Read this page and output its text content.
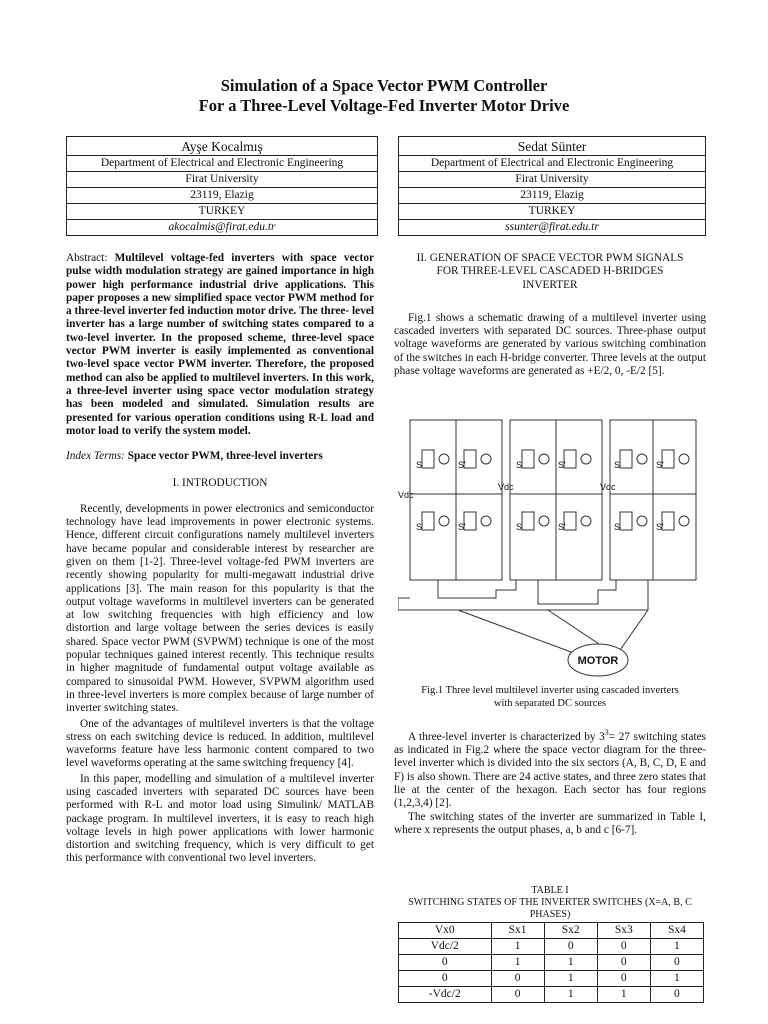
Simulation of a Space Vector PWM Controller
For a Three-Level Voltage-Fed Inverter Motor Drive
Ayşe Kocalmış
Department of Electrical and Electronic Engineering
Firat University
23119, Elazig
TURKEY
akocalmis@firat.edu.tr
Sedat Sünter
Department of Electrical and Electronic Engineering
Firat University
23119, Elazig
TURKEY
ssunter@firat.edu.tr

Abstract: Multilevel voltage-fed inverters with space vector pulse width modulation strategy are gained importance in high power high performance industrial drive applications. This paper proposes a new simplified space vector PWM method for a three-level inverter fed induction motor drive. The three- level inverter has a large number of switching states compared to a two-level inverter. In the proposed scheme, three-level space vector PWM inverter is easily implemented as conventional two-level space vector PWM inverter. Therefore, the proposed method can also be applied to multilevel inverters. In this work, a three-level inverter using space vector modulation strategy has been modeled and simulated. Simulation results are presented for various operation conditions using R-L load and motor load to verify the system model.

Index Terms: Space vector PWM, three-level inverters

I. INTRODUCTION

Recently, developments in power electronics and semiconductor technology have lead improvements in power electronic systems. Hence, different circuit configurations namely multilevel inverters have became popular and considerable interest by researcher are given on them [1-2]. Three-level voltage-fed PWM inverters are recently showing popularity for multi-megawatt industrial drive applications [3]. The main reason for this popularity is that the output voltage waveforms in multilevel inverters can be generated at low switching frequencies with high efficiency and low distortion and large voltage between the series devices is easily shared. Space vector PWM (SVPWM) technique is one of the most popular techniques gained interest recently. This technique results in higher magnitude of fundamental output voltage available as compared to sinusoidal PWM. However, SVPWM algorithm used in three-level inverters is more complex because of large number of inverter switching states.

One of the advantages of multilevel inverters is that the voltage stress on each switching device is reduced. In addition, multilevel waveforms feature have less harmonic content compared to two level waveforms operating at the same switching frequency [4].

In this paper, modelling and simulation of a multilevel inverter using cascaded inverters with separated DC sources have been performed with R-L and motor load using Simulink/ MATLAB package program. In multilevel inverters, it is easy to reach high voltage levels in high power applications with lower harmonic distortion and switching frequency, which is very difficult to get this performance with conventional two level inverters.

II. GENERATION OF SPACE VECTOR PWM SIGNALS
FOR THREE-LEVEL CASCADED H-BRIDGES
INVERTER

Fig.1 shows a schematic drawing of a multilevel inverter using cascaded inverters with separated DC sources. Three-phase output voltage waveforms are generated by various switching combination of the switches in each H-bridge converter. Three levels at the output phase voltage waveforms are generated as +E/2, 0, -E/2 [5].

S	S'
S	S'
S	S'
S	S'
S	S'
S	S'
Vdc
Vdc	Vdc
MOTOR
Fig.1 Three level multilevel inverter using cascaded inverters
with separated DC sources

A three-level inverter is characterized by $3^3= 27$ switching states as indicated in Fig.2 where the space vector diagram for the three-level inverter which is divided into the six sectors (A, B, C, D, E and F) is also shown. There are 24 active states, and three zero states that lie at the center of the hexagon. Each sector has four regions (1,2,3,4) [2].

The switching states of the inverter are summarized in Table I, where x represents the output phases, a, b and c [6-7].

TABLE I
SWITCHING STATES OF THE INVERTER SWITCHES (X=A, B, C PHASES)
Vx0	Sx1	Sx2	Sx3	Sx4
Vdc/2	1	0	0	1
0	1	1	0	0
0	0	1	0	1
-Vdc/2	0	1	1	0
